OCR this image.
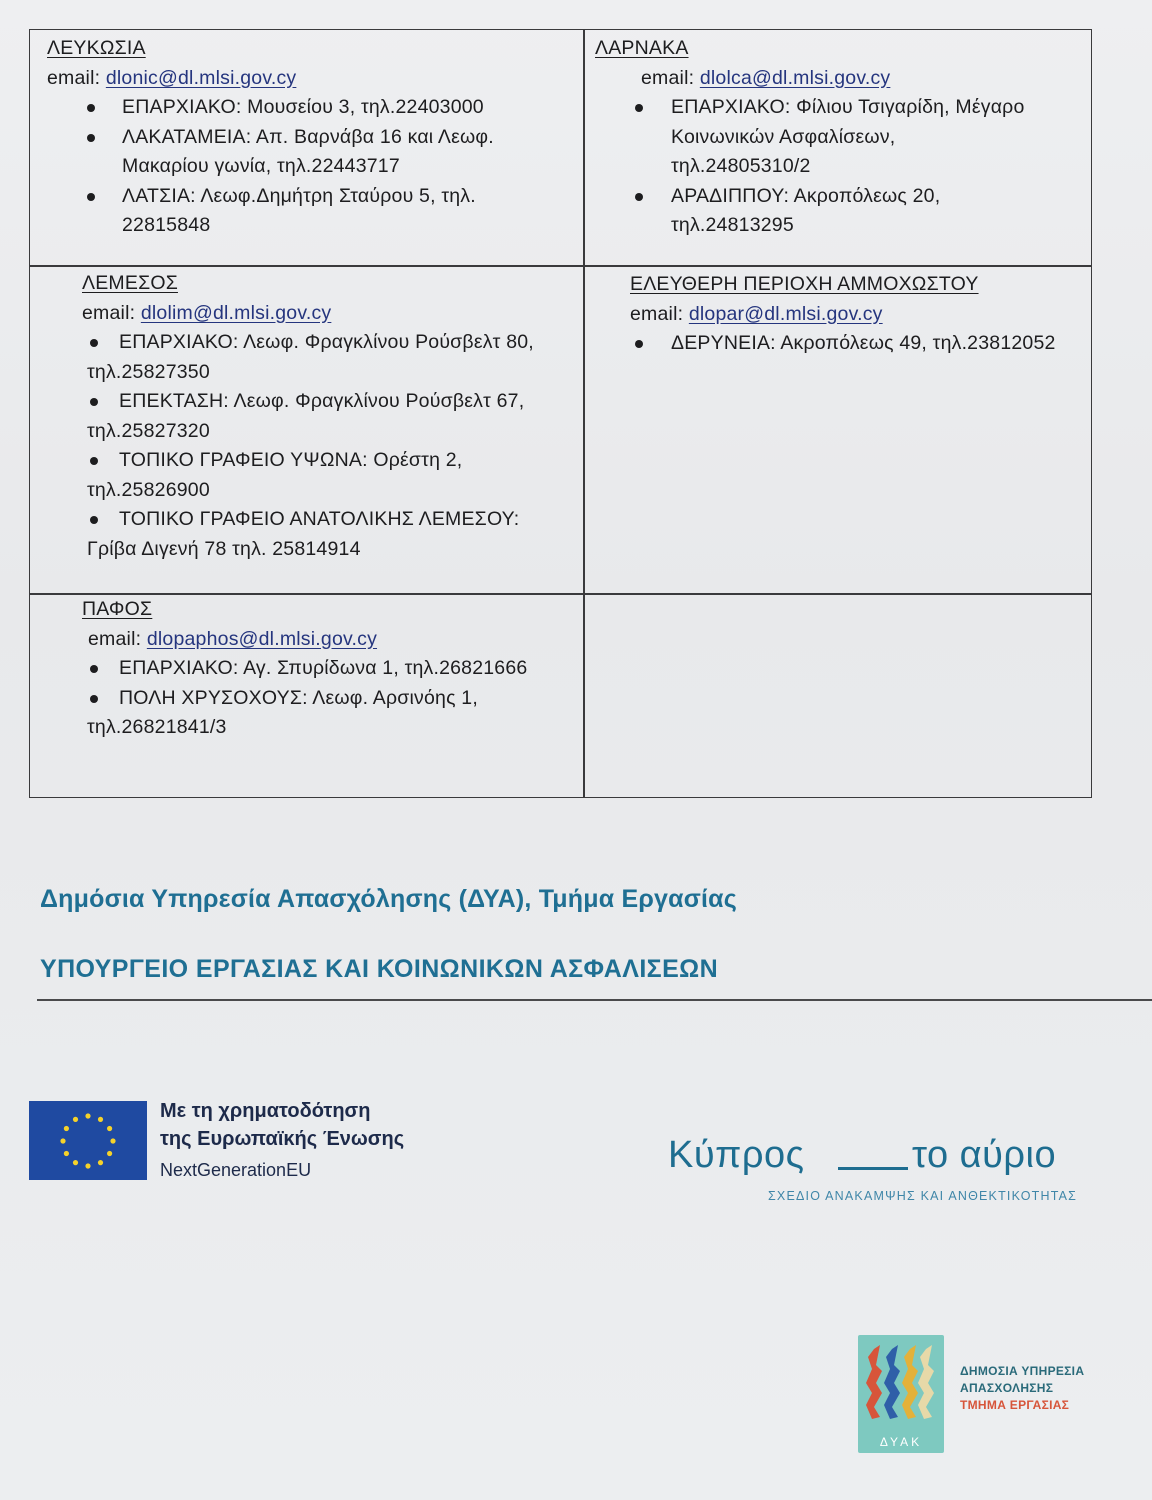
ΛΕΥΚΩΣΙΑ
email: dlonic@dl.mlsi.gov.cy
ΕΠΑΡΧΙΑΚΟ: Μουσείου 3, τηλ.22403000
ΛΑΚΑΤΑΜΕΙΑ: Απ. Βαρνάβα 16 και Λεωφ.
Μακαρίου γωνία, τηλ.22443717
ΛΑΤΣΙΑ: Λεωφ.Δημήτρη Σταύρου 5, τηλ.
22815848
ΛΑΡΝΑΚΑ
email: dlolca@dl.mlsi.gov.cy
ΕΠΑΡΧΙΑΚΟ: Φίλιου Τσιγαρίδη, Μέγαρο
Κοινωνικών Ασφαλίσεων,
τηλ.24805310/2
ΑΡΑΔΙΠΠΟΥ: Ακροπόλεως 20,
τηλ.24813295
ΛΕΜΕΣΟΣ
email: dlolim@dl.mlsi.gov.cy
ΕΠΑΡΧΙΑΚΟ: Λεωφ. Φραγκλίνου Ρούσβελτ 80,
τηλ.25827350
ΕΠΕΚΤΑΣΗ: Λεωφ. Φραγκλίνου Ρούσβελτ 67,
τηλ.25827320
ΤΟΠΙΚΟ ΓΡΑΦΕΙΟ ΥΨΩΝΑ: Ορέστη 2,
τηλ.25826900
ΤΟΠΙΚΟ ΓΡΑΦΕΙΟ ΑΝΑΤΟΛΙΚΗΣ ΛΕΜΕΣΟΥ:
Γρίβα Διγενή 78 τηλ. 25814914
ΕΛΕΥΘΕΡΗ ΠΕΡΙΟΧΗ ΑΜΜΟΧΩΣΤΟΥ
email: dlopar@dl.mlsi.gov.cy
ΔΕΡΥΝΕΙΑ: Ακροπόλεως 49, τηλ.23812052
ΠΑΦΟΣ
email: dlopaphos@dl.mlsi.gov.cy
ΕΠΑΡΧΙΑΚΟ: Αγ. Σπυρίδωνα 1, τηλ.26821666
ΠΟΛΗ ΧΡΥΣΟΧΟΥΣ: Λεωφ. Αρσινόης 1,
τηλ.26821841/3
Δημόσια Υπηρεσία Απασχόλησης (ΔΥΑ), Τμήμα Εργασίας
ΥΠΟΥΡΓΕΙΟ ΕΡΓΑΣΙΑΣ ΚΑΙ ΚΟΙΝΩΝΙΚΩΝ ΑΣΦΑΛΙΣΕΩΝ
Με τη χρηματοδότηση
της Ευρωπαϊκής Ένωσης
NextGenerationEU	Κύπρος	το αύριο
ΣΧΕΔΙΟ ΑΝΑΚΑΜΨΗΣ ΚΑΙ ΑΝΘΕΚΤΙΚΟΤΗΤΑΣ
ΔΥΑΚ
ΔΗΜΟΣΙΑ ΥΠΗΡΕΣΙΑ
ΑΠΑΣΧΟΛΗΣΗΣ
ΤΜΗΜΑ ΕΡΓΑΣΙΑΣ
